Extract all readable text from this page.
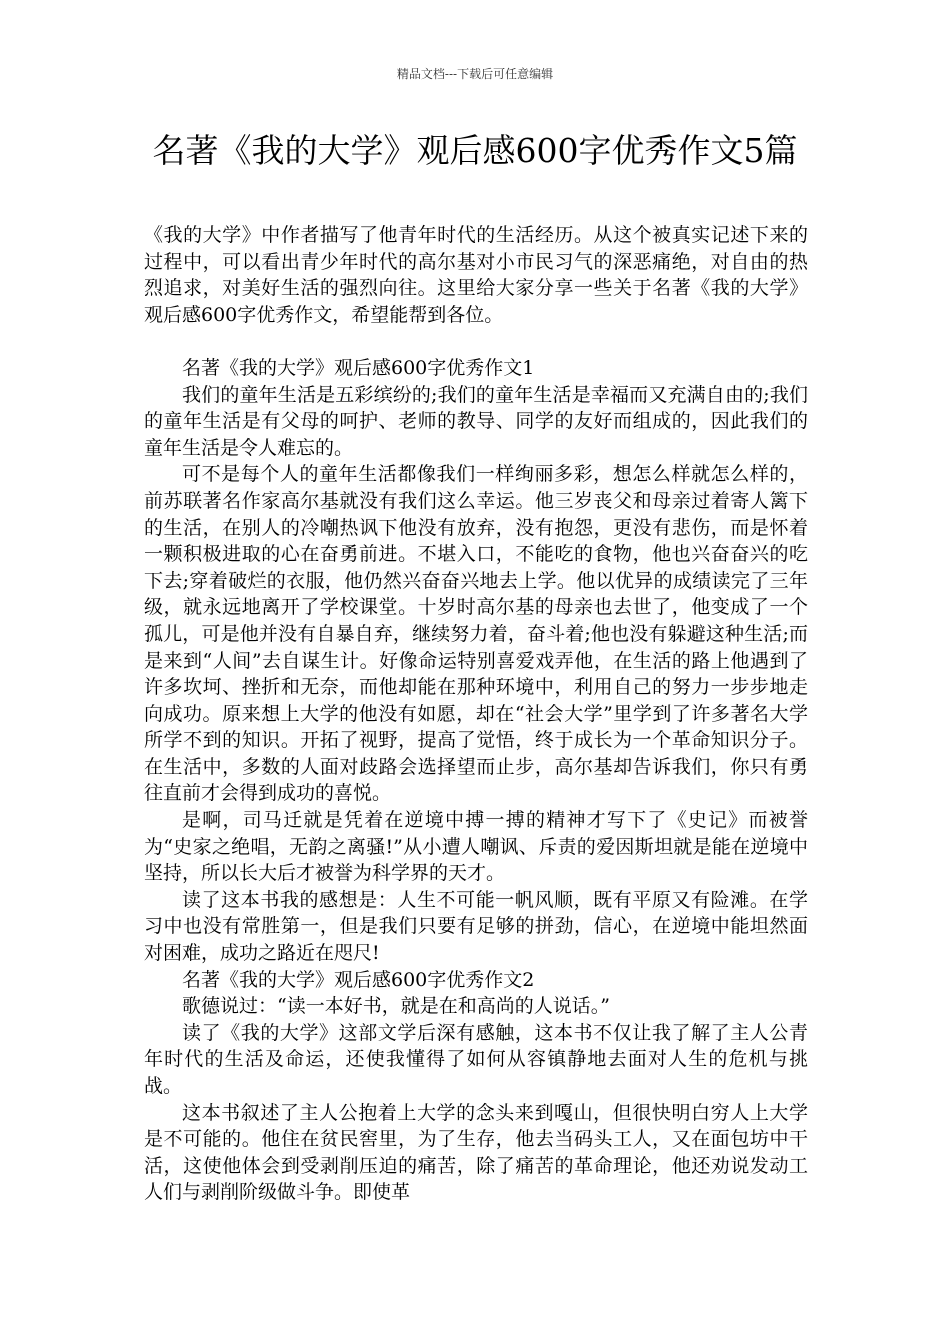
精品文档---下载后可任意编辑
名著《我的大学》观后感600字优秀作文5篇

《我的大学》中作者描写了他青年时代的生活经历。从这个被真实记述下来的过程中，可以看出青少年时代的高尔基对小市民习气的深恶痛绝，对自由的热烈追求，对美好生活的强烈向往。这里给大家分享一些关于名著《我的大学》观后感600字优秀作文，希望能帮到各位。

名著《我的大学》观后感600字优秀作文1

我们的童年生活是五彩缤纷的;我们的童年生活是幸福而又充满自由的;我们的童年生活是有父母的呵护、老师的教导、同学的友好而组成的，因此我们的童年生活是令人难忘的。

可不是每个人的童年生活都像我们一样绚丽多彩，想怎么样就怎么样的，前苏联著名作家高尔基就没有我们这么幸运。他三岁丧父和母亲过着寄人篱下的生活，在别人的冷嘲热讽下他没有放弃，没有抱怨，更没有悲伤，而是怀着一颗积极进取的心在奋勇前进。不堪入口，不能吃的食物，他也兴奋奋兴的吃下去;穿着破烂的衣服，他仍然兴奋奋兴地去上学。他以优异的成绩读完了三年级，就永远地离开了学校课堂。十岁时高尔基的母亲也去世了，他变成了一个孤儿，可是他并没有自暴自弃，继续努力着，奋斗着;他也没有躲避这种生活;而是来到“人间”去自谋生计。好像命运特别喜爱戏弄他，在生活的路上他遇到了许多坎坷、挫折和无奈，而他却能在那种环境中，利用自己的努力一步步地走向成功。原来想上大学的他没有如愿，却在“社会大学”里学到了许多著名大学所学不到的知识。开拓了视野，提高了觉悟，终于成长为一个革命知识分子。在生活中，多数的人面对歧路会选择望而止步，高尔基却告诉我们，你只有勇往直前才会得到成功的喜悦。

是啊，司马迁就是凭着在逆境中搏一搏的精神才写下了《史记》而被誉为“史家之绝唱，无韵之离骚!”从小遭人嘲讽、斥责的爱因斯坦就是能在逆境中坚持，所以长大后才被誉为科学界的天才。

读了这本书我的感想是：人生不可能一帆风顺，既有平原又有险滩。在学习中也没有常胜第一，但是我们只要有足够的拼劲，信心，在逆境中能坦然面对困难，成功之路近在咫尺!

名著《我的大学》观后感600字优秀作文2

歌德说过：“读一本好书，就是在和高尚的人说话。”

读了《我的大学》这部文学后深有感触，这本书不仅让我了解了主人公青年时代的生活及命运，还使我懂得了如何从容镇静地去面对人生的危机与挑战。

这本书叙述了主人公抱着上大学的念头来到嘎山，但很快明白穷人上大学是不可能的。他住在贫民窖里，为了生存，他去当码头工人，又在面包坊中干活，这使他体会到受剥削压迫的痛苦，除了痛苦的革命理论，他还劝说发动工人们与剥削阶级做斗争。即使革
